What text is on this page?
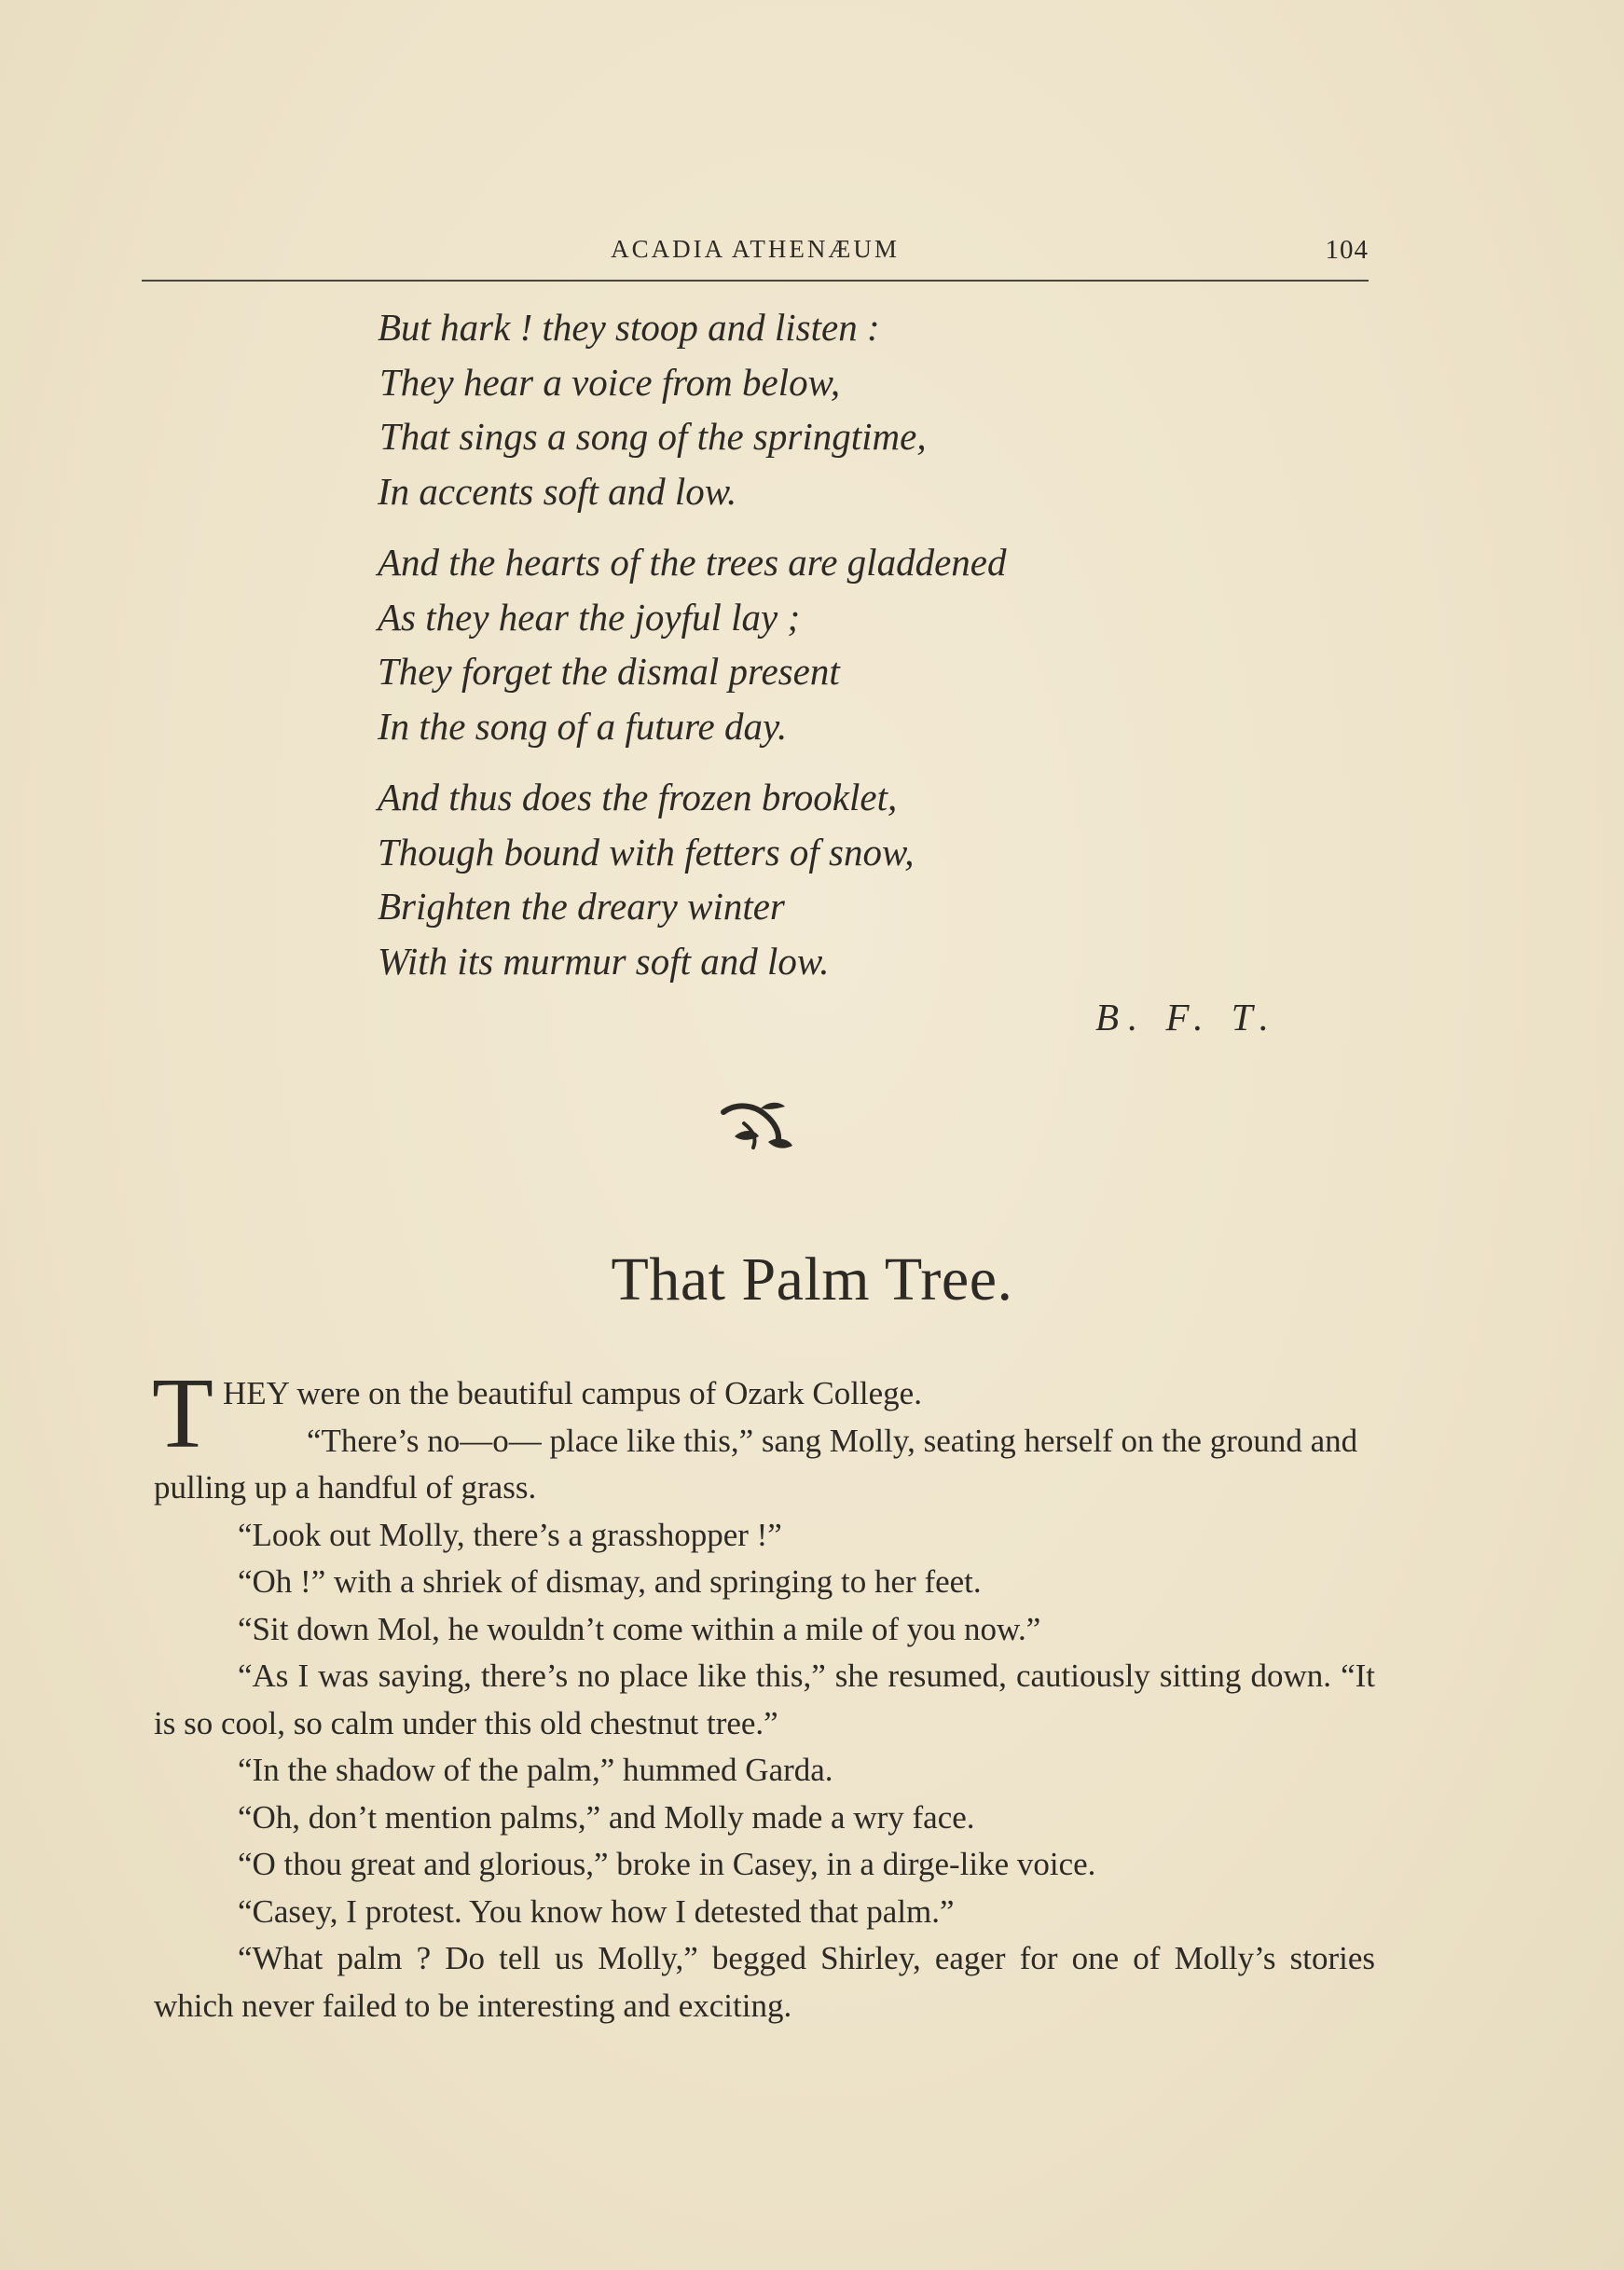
ACADIA ATHENÆUM	104
But hark ! they stoop and listen :
They hear a voice from below,
That sings a song of the springtime,
In accents soft and low.
And the hearts of the trees are gladdened
As they hear the joyful lay ;
They forget the dismal present
In the song of a future day.
And thus does the frozen brooklet,
Though bound with fetters of snow,
Brighten the dreary winter
With its murmur soft and low.
B. F. T.
That Palm Tree.

T HEY were on the beautiful campus of Ozark College.
“There’s no—o— place like this,” sang Molly, seating herself on the ground and pulling up a handful of grass.

“Look out Molly, there’s a grasshopper !”

“Oh !” with a shriek of dismay, and springing to her feet.

“Sit down Mol, he wouldn’t come within a mile of you now.”

“As I was saying, there’s no place like this,” she resumed, cautiously sitting down. “It is so cool, so calm under this old chestnut tree.”

“In the shadow of the palm,” hummed Garda.

“Oh, don’t mention palms,” and Molly made a wry face.

“O thou great and glorious,” broke in Casey, in a dirge-like voice.

“Casey, I protest. You know how I detested that palm.”

“What palm ? Do tell us Molly,” begged Shirley, eager for one of Molly’s stories which never failed to be interesting and exciting.
